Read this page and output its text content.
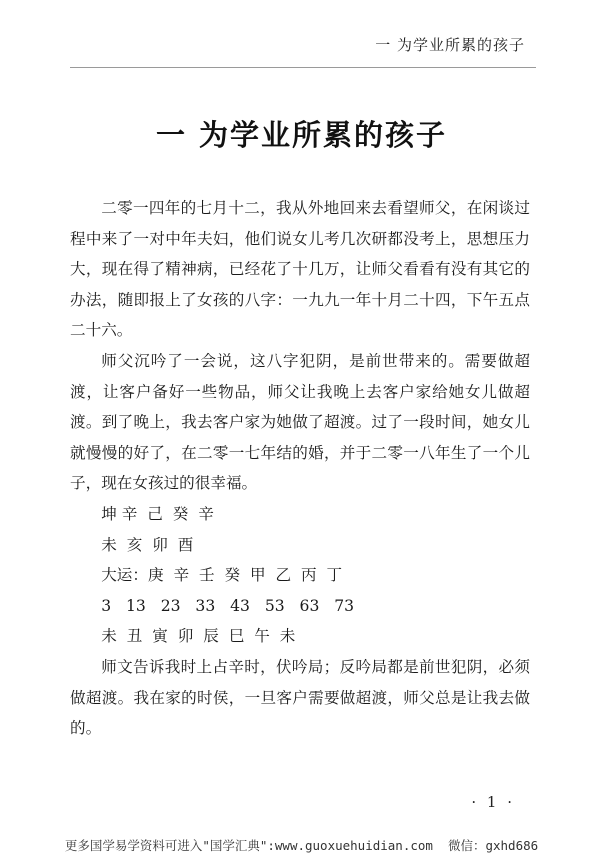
一 为学业所累的孩子
一 为学业所累的孩子

二零一四年的七月十二，我从外地回来去看望师父，在闲谈过程中来了一对中年夫妇，他们说女儿考几次研都没考上，思想压力大，现在得了精神病，已经花了十几万，让师父看看有没有其它的办法，随即报上了女孩的八字：一九九一年十月二十四，下午五点二十六。

师父沉吟了一会说，这八字犯阴，是前世带来的。需要做超渡，让客户备好一些物品，师父让我晚上去客户家给她女儿做超渡。到了晚上，我去客户家为她做了超渡。过了一段时间，她女儿就慢慢的好了，在二零一七年结的婚，并于二零一八年生了一个儿子，现在女孩过的很幸福。

坤 辛  己  癸  辛
未  亥  卯  酉
大运：庚  辛  壬  癸  甲  乙  丙  丁
3   13   23   33   43   53   63   73
未  丑  寅  卯  辰  巳  午  未

师文告诉我时上占辛时，伏吟局；反吟局都是前世犯阴，必须做超渡。我在家的时侯，一旦客户需要做超渡，师父总是让我去做的。

· 1 ·
更多国学易学资料可进入"国学汇典":www.guoxuehuidian.com  微信：gxhd686
